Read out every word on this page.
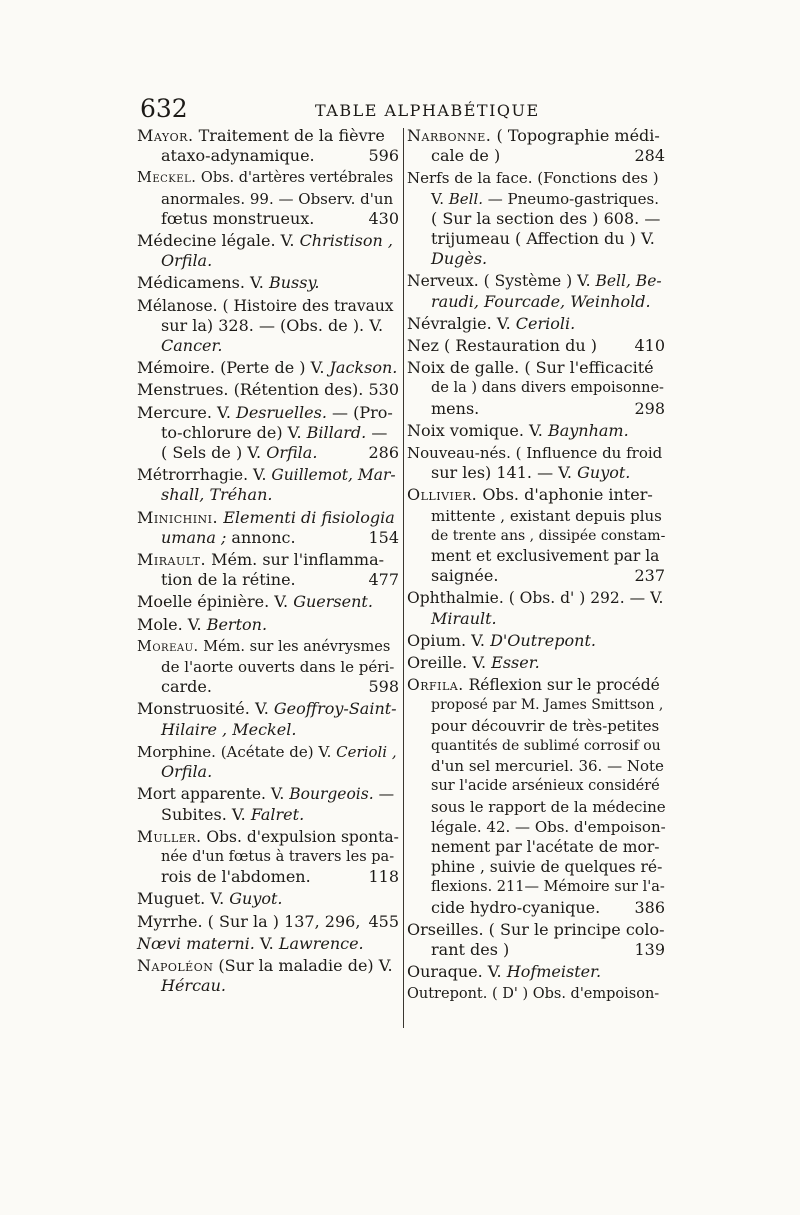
632	TABLE ALPHABÉTIQUE
Mayor. Traitement de la fièvre
ataxo-adynamique.	596
Meckel. Obs. d'artères vertébrales
anormales. 99. — Observ. d'un
fœtus monstrueux.	430
Médecine légale. V. Christison ,
Orfila.
Médicamens. V. Bussy.
Mélanose. ( Histoire des travaux
sur la) 328. — (Obs. de ). V.
Cancer.
Mémoire. (Perte de ) V. Jackson.
Menstrues. (Rétention des). 530
Mercure. V. Desruelles. — (Pro-
to-chlorure de) V. Billard. —
( Sels de ) V. Orfila.	286
Métrorrhagie. V. Guillemot, Mar-
shall, Tréhan.
Minichini. Elementi di fisiologia
umana ; annonc.	154
Mirault. Mém. sur l'inflamma-
tion de la rétine.	477
Moelle épinière. V. Guersent.
Mole. V. Berton.
Moreau. Mém. sur les anévrysmes
de l'aorte ouverts dans le péri-
carde.	598
Monstruosité. V. Geoffroy-Saint-
Hilaire , Meckel.
Morphine. (Acétate de) V. Cerioli ,
Orfila.
Mort apparente. V. Bourgeois. —
Subites. V. Falret.
Muller. Obs. d'expulsion sponta-
née d'un fœtus à travers les pa-
rois de l'abdomen.	118
Muguet. V. Guyot.
Myrrhe. ( Sur la ) 137, 296, 455
Nœvi materni. V. Lawrence.
Napoléon (Sur la maladie de) V.
Hércau.
Narbonne. ( Topographie médi-
cale de )	284
Nerfs de la face. (Fonctions des )
V. Bell. — Pneumo-gastriques.
( Sur la section des ) 608. —
trijumeau ( Affection du ) V.
Dugès.
Nerveux. ( Système ) V. Bell, Be-
raudi, Fourcade, Weinhold.
Névralgie. V. Cerioli.
Nez ( Restauration du )	410
Noix de galle. ( Sur l'efficacité
de la ) dans divers empoisonne-
mens.	298
Noix vomique. V. Baynham.
Nouveau-nés. ( Influence du froid
sur les) 141. — V. Guyot.
Ollivier. Obs. d'aphonie inter-
mittente , existant depuis plus
de trente ans , dissipée constam-
ment et exclusivement par la
saignée.	237
Ophthalmie. ( Obs. d' ) 292. — V.
Mirault.
Opium. V. D'Outrepont.
Oreille. V. Esser.
Orfila. Réflexion sur le procédé
proposé par M. James Smittson ,
pour découvrir de très-petites
quantités de sublimé corrosif ou
d'un sel mercuriel. 36. — Note
sur l'acide arsénieux considéré
sous le rapport de la médecine
légale. 42. — Obs. d'empoison-
nement par l'acétate de mor-
phine , suivie de quelques ré-
flexions. 211— Mémoire sur l'a-
cide hydro-cyanique.	386
Orseilles. ( Sur le principe colo-
rant des )	139
Ouraque. V. Hofmeister.
Outrepont. ( D' ) Obs. d'empoison-
